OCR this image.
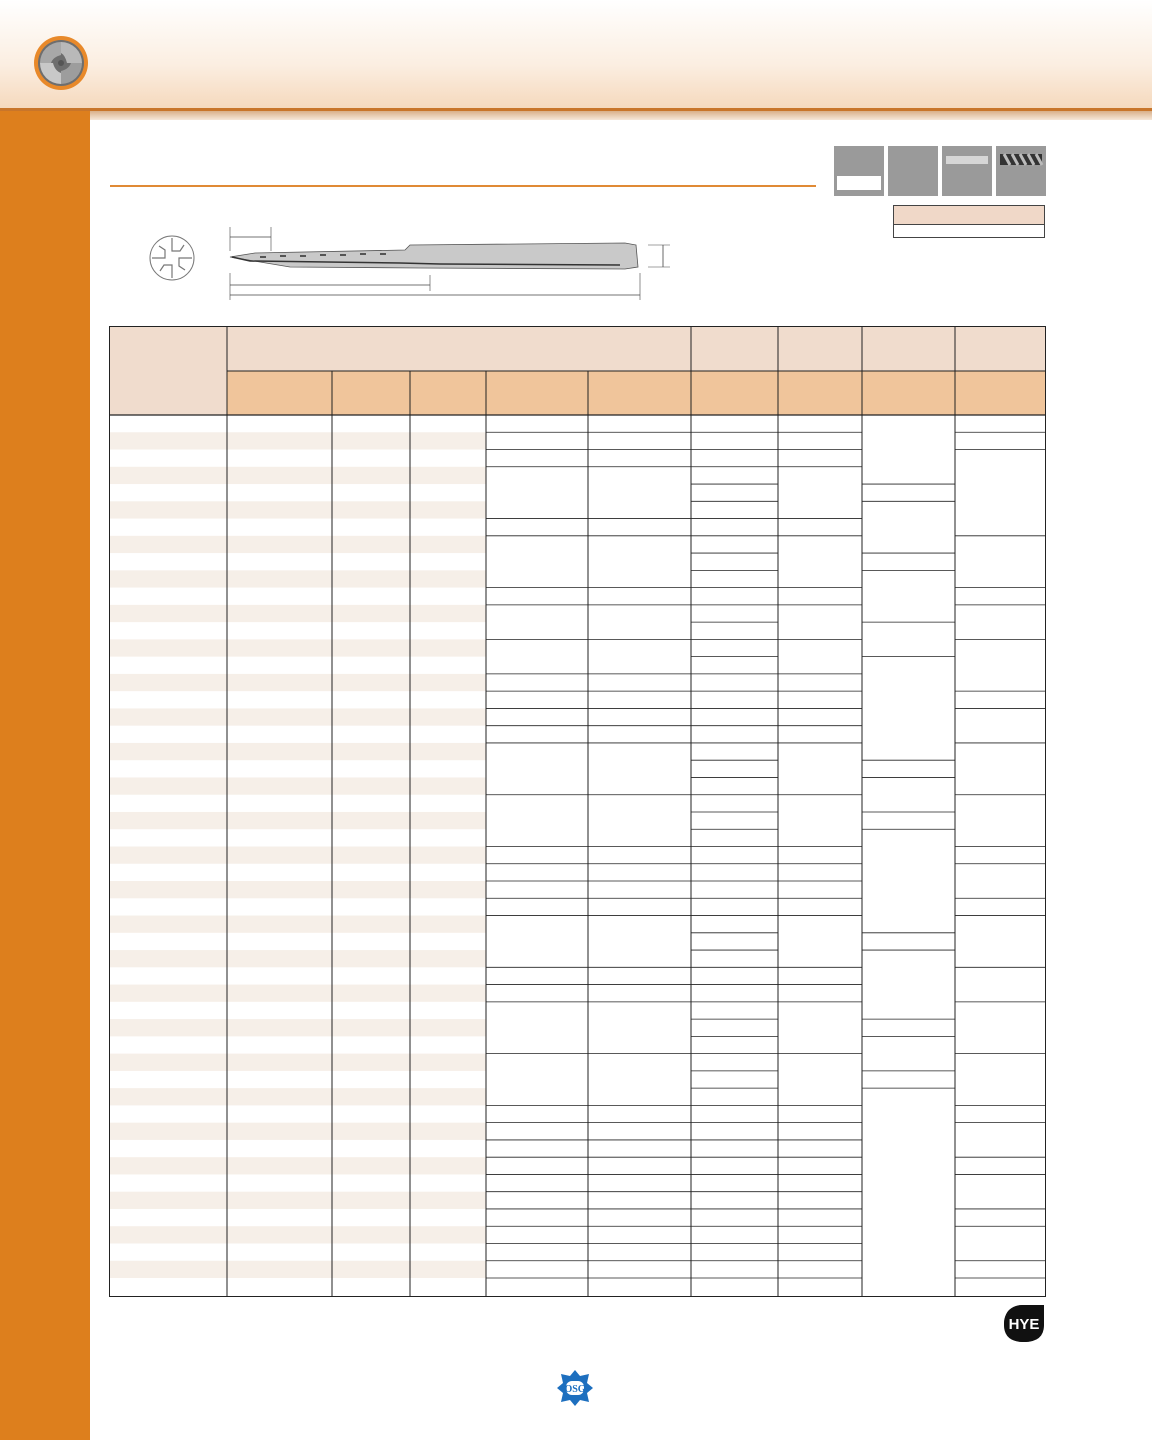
HYE
OSG
